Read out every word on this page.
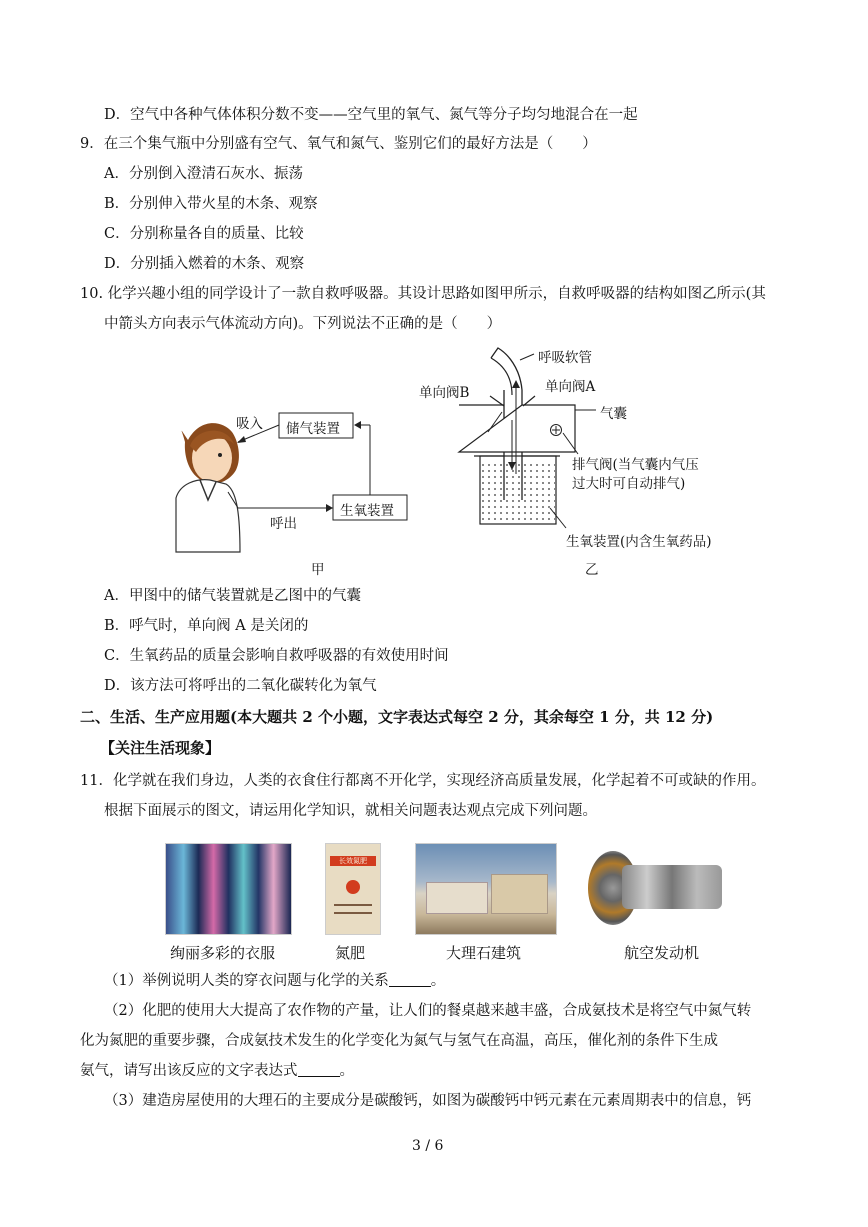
D．空气中各种气体体积分数不变——空气里的氧气、氮气等分子均匀地混合在一起
9．在三个集气瓶中分别盛有空气、氧气和氮气、鉴别它们的最好方法是（　　）
A．分别倒入澄清石灰水、振荡
B．分别伸入带火星的木条、观察
C．分别称量各自的质量、比较
D．分别插入燃着的木条、观察
10. 化学兴趣小组的同学设计了一款自救呼吸器。其设计思路如图甲所示，自救呼吸器的结构如图乙所示(其
中箭头方向表示气体流动方向)。下列说法不正确的是（　　）
吸入 储气装置
呼出
生氧装置
甲
呼吸软管
单向阀B	单向阀A
气囊
排气阀(当气囊内气压
过大时可自动排气)
生氧装置(内含生氧药品)
乙
A．甲图中的储气装置就是乙图中的气囊
B．呼气时，单向阀 A 是关闭的
C．生氧药品的质量会影响自救呼吸器的有效使用时间
D．该方法可将呼出的二氧化碳转化为氧气
二、生活、生产应用题(本大题共 2 个小题，文字表达式每空 2 分，其余每空 1 分，共 12 分)
【关注生活现象】
11．化学就在我们身边，人类的衣食住行都离不开化学，实现经济高质量发展，化学起着不可或缺的作用。
根据下面展示的图文，请运用化学知识，就相关问题表达观点完成下列问题。
长效氮肥
绚丽多彩的衣服	氮肥	大理石建筑	航空发动机
（1）举例说明人类的穿衣问题与化学的关系	。
（2）化肥的使用大大提高了农作物的产量，让人们的餐桌越来越丰盛，合成氨技术是将空气中氮气转
化为氮肥的重要步骤，合成氨技术发生的化学变化为氮气与氢气在高温，高压，催化剂的条件下生成
氨气，请写出该反应的文字表达式	。
（3）建造房屋使用的大理石的主要成分是碳酸钙，如图为碳酸钙中钙元素在元素周期表中的信息，钙
3 / 6
